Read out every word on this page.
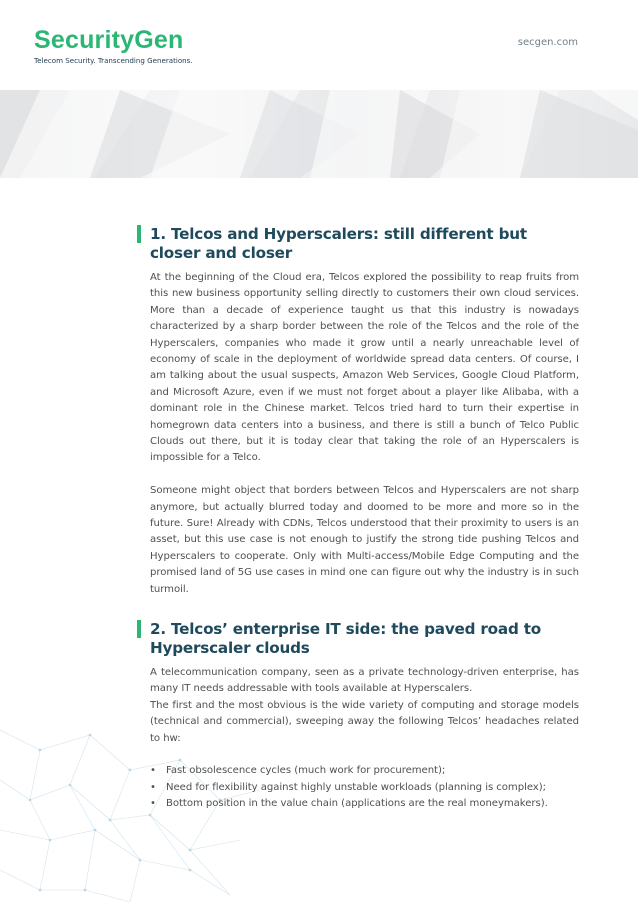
SecurityGen
Telecom Security. Transcending Generations.
secgen.com
1. Telcos and Hyperscalers: still different but closer and closer

At the beginning of the Cloud era, Telcos explored the possibility to reap fruits from this new business opportunity selling directly to customers their own cloud services. More than a decade of experience taught us that this industry is nowadays characterized by a sharp border between the role of the Telcos and the role of the Hyperscalers, companies who made it grow until a nearly unreachable level of economy of scale in the deployment of worldwide spread data centers. Of course, I am talking about the usual suspects, Amazon Web Services, Google Cloud Platform, and Microsoft Azure, even if we must not forget about a player like Alibaba, with a dominant role in the Chinese market. Telcos tried hard to turn their expertise in homegrown data centers into a business, and there is still a bunch of Telco Public Clouds out there, but it is today clear that taking the role of an Hyperscalers is impossible for a Telco.

Someone might object that borders between Telcos and Hyperscalers are not sharp anymore, but actually blurred today and doomed to be more and more so in the future. Sure! Already with CDNs, Telcos understood that their proximity to users is an asset, but this use case is not enough to justify the strong tide pushing Telcos and Hyperscalers to cooperate. Only with Multi-access/Mobile Edge Computing and the promised land of 5G use cases in mind one can figure out why the industry is in such turmoil.

2. Telcos’ enterprise IT side: the paved road to Hyperscaler clouds

A telecommunication company, seen as a private technology-driven enterprise, has many IT needs addressable with tools available at Hyperscalers.

The first and the most obvious is the wide variety of computing and storage models (technical and commercial), sweeping away the following Telcos’ headaches related to hw:

• Fast obsolescence cycles (much work for procurement);
• Need for flexibility against highly unstable workloads (planning is complex);
• Bottom position in the value chain (applications are the real moneymakers).
